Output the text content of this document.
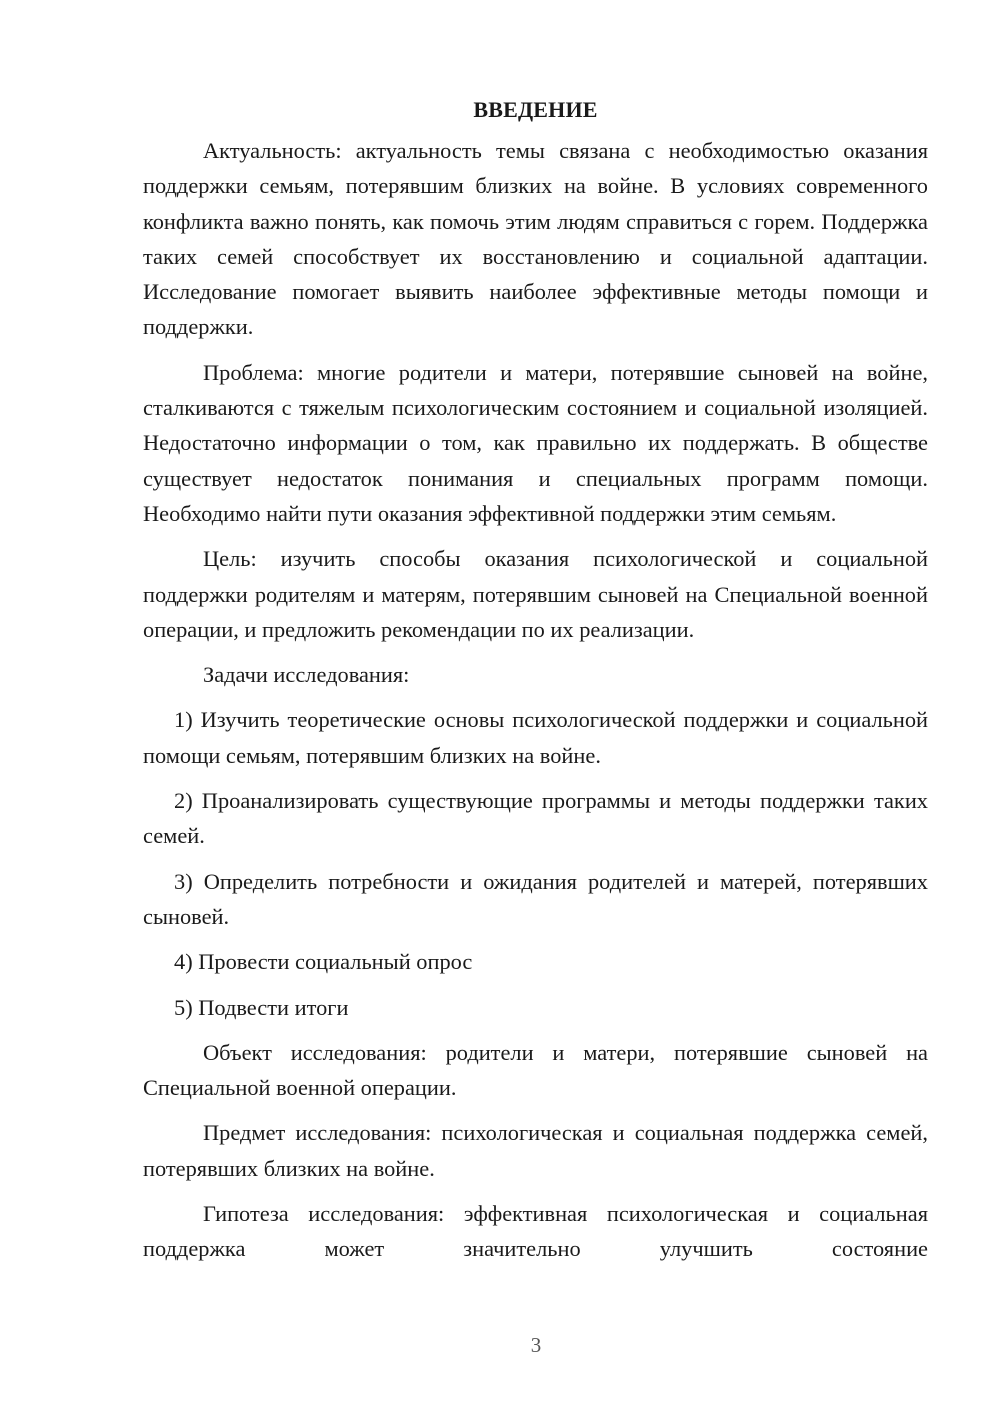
ВВЕДЕНИЕ

Актуальность: актуальность темы связана с необходимостью оказания поддержки семьям, потерявшим близких на войне. В условиях современного конфликта важно понять, как помочь этим людям справиться с горем. Поддержка таких семей способствует их восстановлению и социальной адаптации. Исследование помогает выявить наиболее эффективные методы помощи и поддержки.

Проблема: многие родители и матери, потерявшие сыновей на войне, сталкиваются с тяжелым психологическим состоянием и социальной изоляцией. Недостаточно информации о том, как правильно их поддержать. В обществе существует недостаток понимания и специальных программ помощи. Необходимо найти пути оказания эффективной поддержки этим семьям.

Цель: изучить способы оказания психологической и социальной поддержки родителям и матерям, потерявшим сыновей на Специальной военной операции, и предложить рекомендации по их реализации.

Задачи исследования:

1) Изучить теоретические основы психологической поддержки и социальной помощи семьям, потерявшим близких на войне.

2) Проанализировать существующие программы и методы поддержки таких семей.

3) Определить потребности и ожидания родителей и матерей, потерявших сыновей.

4) Провести социальный опрос

5) Подвести итоги

Объект исследования: родители и матери, потерявшие сыновей на Специальной военной операции.

Предмет исследования: психологическая и социальная поддержка семей, потерявших близких на войне.

Гипотеза исследования: эффективная психологическая и социальная поддержка может значительно улучшить состояние

3
